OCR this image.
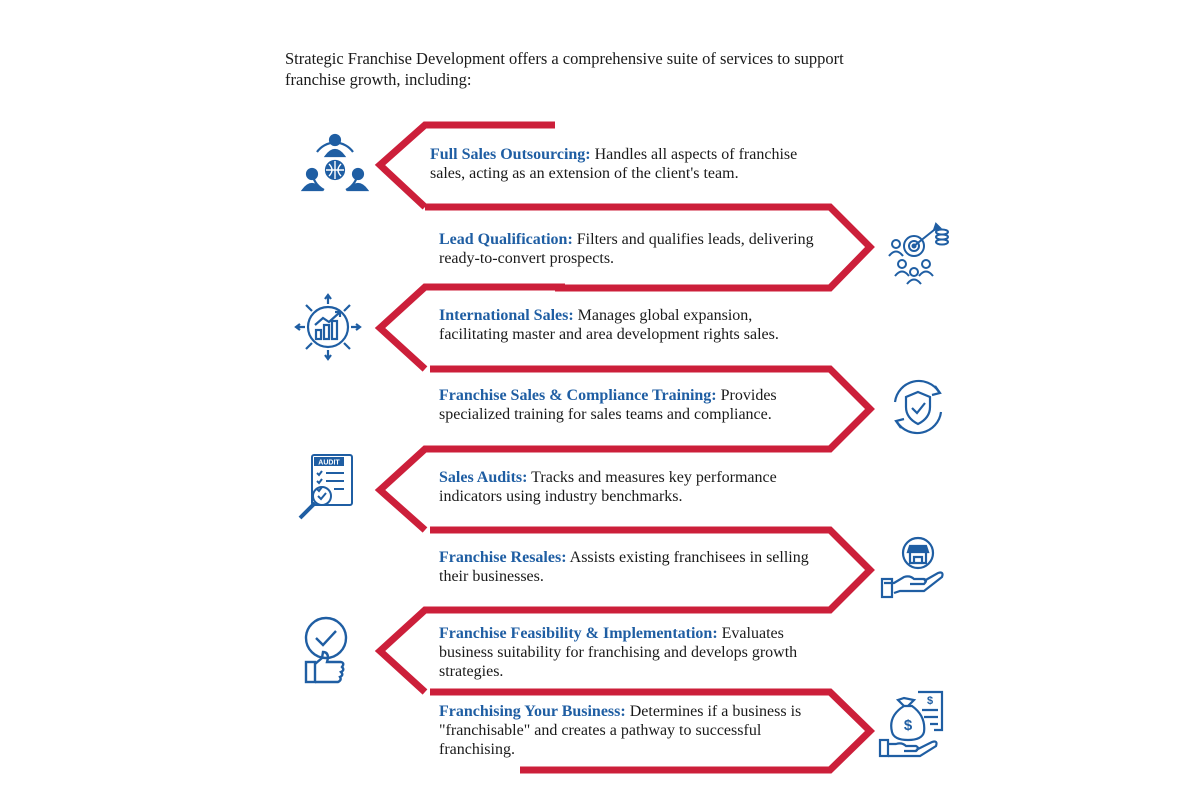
Strategic Franchise Development offers a comprehensive suite of services to support franchise growth, including:

Full Sales Outsourcing: Handles all aspects of franchise sales, acting as an extension of the client's team.

Lead Qualification: Filters and qualifies leads, delivering ready-to-convert prospects.

International Sales: Manages global expansion, facilitating master and area development rights sales.

Franchise Sales & Compliance Training: Provides specialized training for sales teams and compliance.

Sales Audits: Tracks and measures key performance indicators using industry benchmarks.

Franchise Resales: Assists existing franchisees in selling their businesses.

Franchise Feasibility & Implementation: Evaluates business suitability for franchising and develops growth strategies.

Franchising Your Business: Determines if a business is "franchisable" and creates a pathway to successful franchising.

AUDIT
$
$
